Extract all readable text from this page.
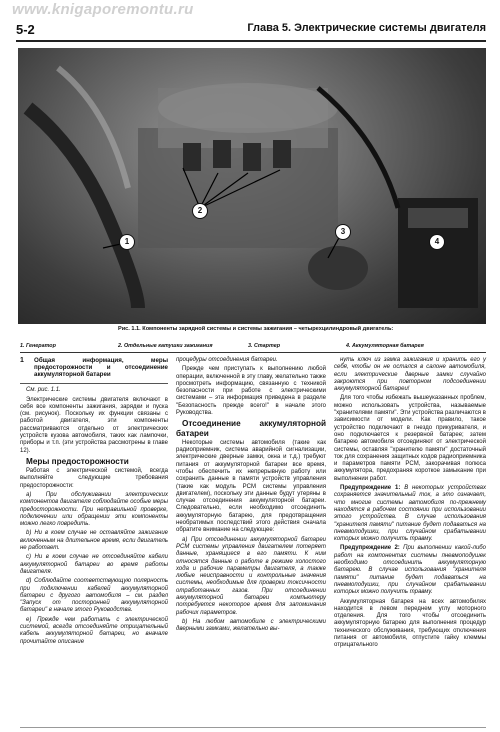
www.knigaporemontu.ru
5-2	Глава 5. Электрические системы двигателя
1
2
3
4
Рис. 1.1. Компоненты зарядной системы и системы зажигания – четырехцилиндровый двигатель:
1. Генератор	2. Отдельные катушки зажигания	3. Стартер	4. Аккумуляторная батарея
1	Общая информация, меры предосторожности и отсоединение аккумуляторной батареи

См. рис. 1.1.

Электрические системы двигателя включают в себя все компоненты зажигания, зарядки и пуска (см. рисунок). Поскольку их функции связаны с работой двигателя, эти компоненты рассматриваются отдельно от электрических устройств кузова автомобиля, таких как лампочки, приборы и т.п. (эти устройства рассмотрены в главе 12).

Меры предосторожности

Работая с электрической системой, всегда выполняйте следующие требования предосторожности:

а) При обслуживании электрических компонентов двигателя соблюдайте особые меры предосторожности. При неправильной проверке, подключении или обращении эти компоненты можно легко повредить.

b) Ни в коем случае не оставляйте зажигание включенным на длительное время, если двигатель не работает.

c) Ни в коем случае не отсоединяйте кабели аккумуляторной батареи во время работы двигателя.

d) Соблюдайте соответствующую полярность при подключении кабелей аккумуляторной батареи с другого автомобиля – см. раздел "Запуск от посторонней аккумуляторной батареи" в начале этого Руководства.

e) Прежде чем работать с электрической системой, всегда отсоединяйте отрицательный кабель аккумуляторной батареи, но вначале прочитайте описание

процедуры отсоединения батареи.

Прежде чем приступать к выполнению любой операции, включенной в эту главу, желательно также просмотреть информацию, связанную с техникой безопасности при работе с электрическими системами – эта информация приведена в разделе "Безопасность прежде всего!" в начале этого Руководства.

Отсоединение аккумуляторной батареи

Некоторые системы автомобиля (такие как радиоприемник, система аварийной сигнализации, электрические дверные замки, окна и т.д.) требуют питания от аккумуляторной батареи все время, чтобы обеспечить их непрерывную работу или сохранить данные в памяти устройств управления (такие как модуль PCM системы управления двигателем), поскольку эти данные будут утеряны в случае отсоединения аккумуляторной батареи. Следовательно, если необходимо отсоединить аккумуляторную батарею, для предотвращения необратимых последствий этого действия сначала обратите внимание на следующее:

а) При отсоединении аккумуляторной батареи PCM системы управления двигателем потеряет данные, хранящиеся в его памяти. К ним относятся данные о работе в режиме холостого хода и рабочие параметры двигателя, а также любые неисправности и контрольные значения системы, необходимые для проверки токсичности отработанных газов. При отсоединении аккумуляторной батареи компьютеру потребуется некоторое время для запоминания рабочих параметров.

b) На любом автомобиле с электрическими дверными замками, желательно вы-

нуть ключ из замка зажигания и хранить его у себя, чтобы он не остался в салоне автомобиля, если электрические дверные замки случайно закроются при повторном подсоединении аккумуляторной батареи!

Для того чтобы избежать вышеуказанных проблем, можно использовать устройства, называемые "хранителями памяти". Эти устройства различаются в зависимости от модели. Как правило, такое устройство подключают в гнездо прикуривателя, и оно подключается к резервной батарее; затем батарею автомобиля отсоединяют от электрической системы, оставляя "хранителю памяти" достаточный ток для сохранения защитных кодов радиоприемника и параметров памяти PCM, закорачивая полюса аккумулятора, предохраняя короткое замыкание при выполнении работ.

Предупреждение 1: В некоторых устройствах сохраняется значительный ток, а это означает, что многие системы автомобиля по-прежнему находятся в рабочем состоянии при использовании этого устройства. В случае использования "хранителя памяти" питание будет подаваться на пневмоподушки, при случайном срабатывании которых можно получить травму.

Предупреждение 2: При выполнении какой-либо работ на компонентах системы пневмоподушек необходимо отсоединить аккумуляторную батарею. В случае использования "хранителя памяти" питание будет подаваться на пневмоподушки, при случайном срабатывании которых можно получить травму.

Аккумуляторная батарея на всех автомобилях находится в левом переднем углу моторного отделения. Для того чтобы отсоединить аккумуляторную батарею для выполнения процедур технического обслуживания, требующих отключения питания от автомобиля, отпустите гайку клеммы отрицательного
